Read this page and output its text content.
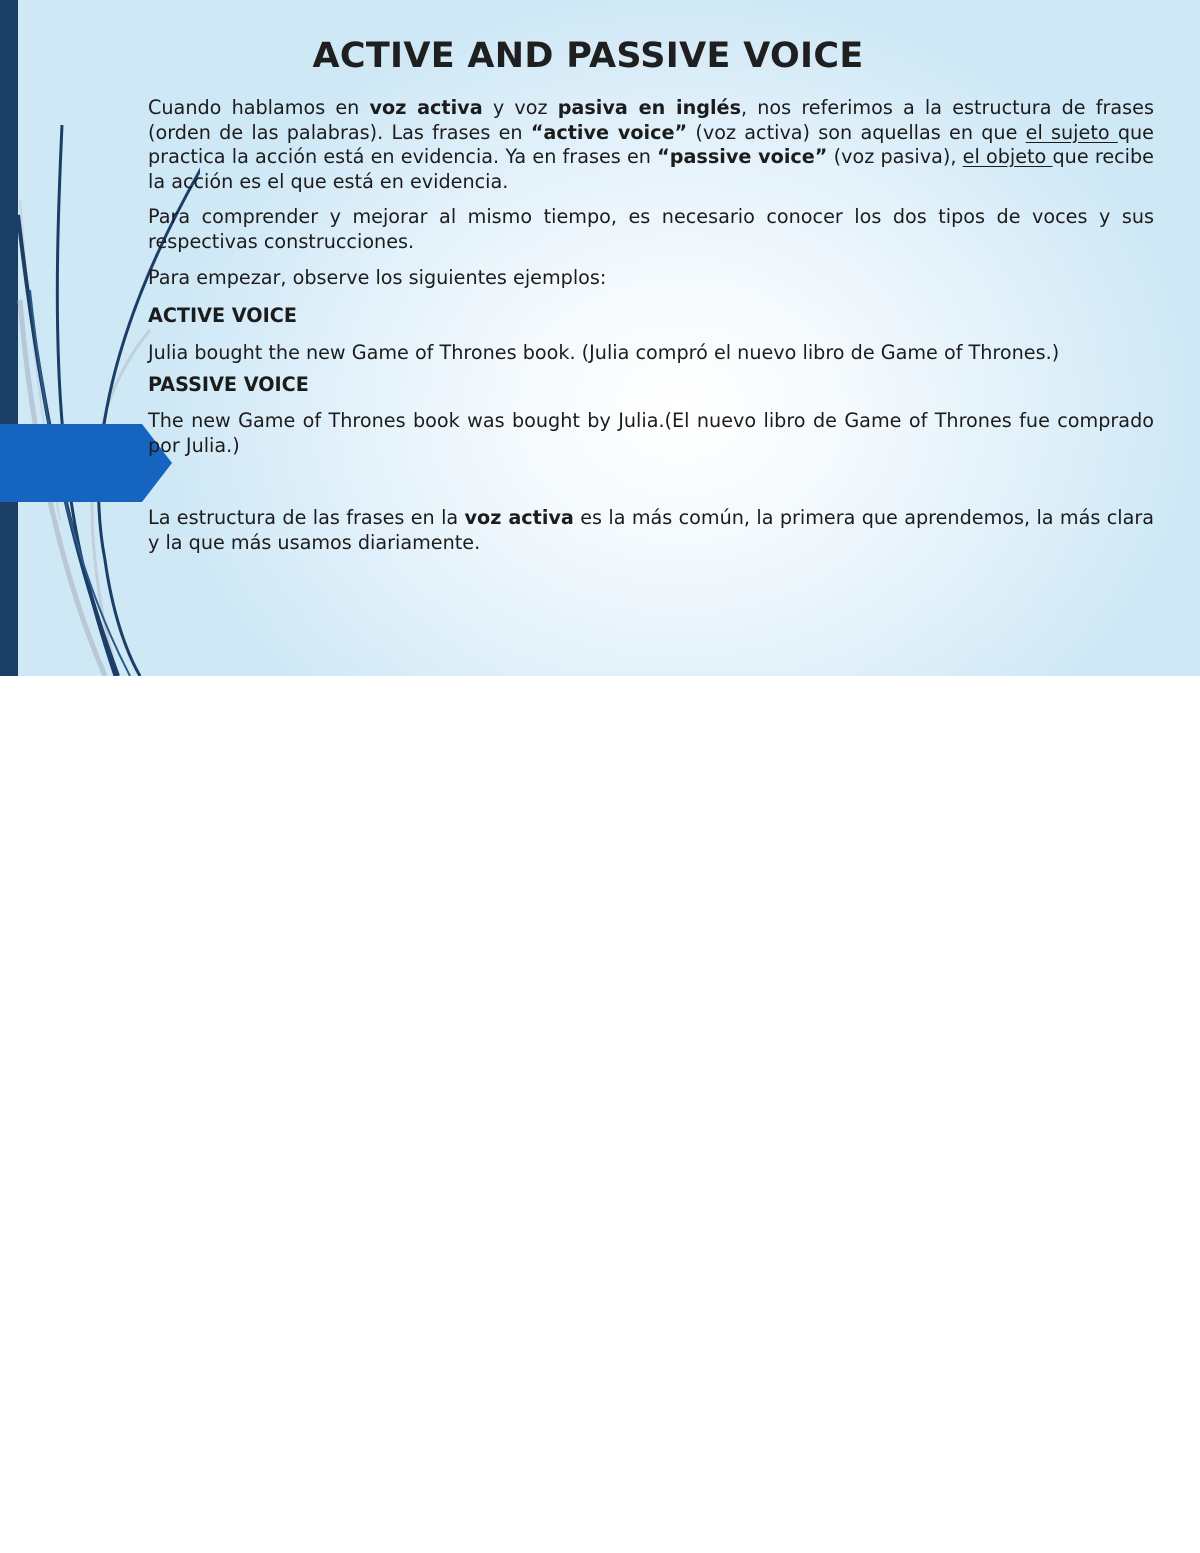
ACTIVE AND PASSIVE VOICE

Cuando hablamos en voz activa y voz pasiva en inglés, nos referimos a la estructura de frases (orden de las palabras). Las frases en “active voice” (voz activa) son aquellas en que el sujeto que practica la acción está en evidencia. Ya en frases en “passive voice” (voz pasiva), el objeto que recibe la acción es el que está en evidencia.

Para comprender y mejorar al mismo tiempo, es necesario conocer los dos tipos de voces y sus respectivas construcciones.

Para empezar, observe los siguientes ejemplos:

ACTIVE VOICE

Julia bought the new Game of Thrones book. (Julia compró el nuevo libro de Game of Thrones.)

PASSIVE VOICE

The new Game of Thrones book was bought by Julia.(El nuevo libro de Game of Thrones fue comprado por Julia.)

La estructura de las frases en la voz activa es la más común, la primera que aprendemos, la más clara y la que más usamos diariamente.
